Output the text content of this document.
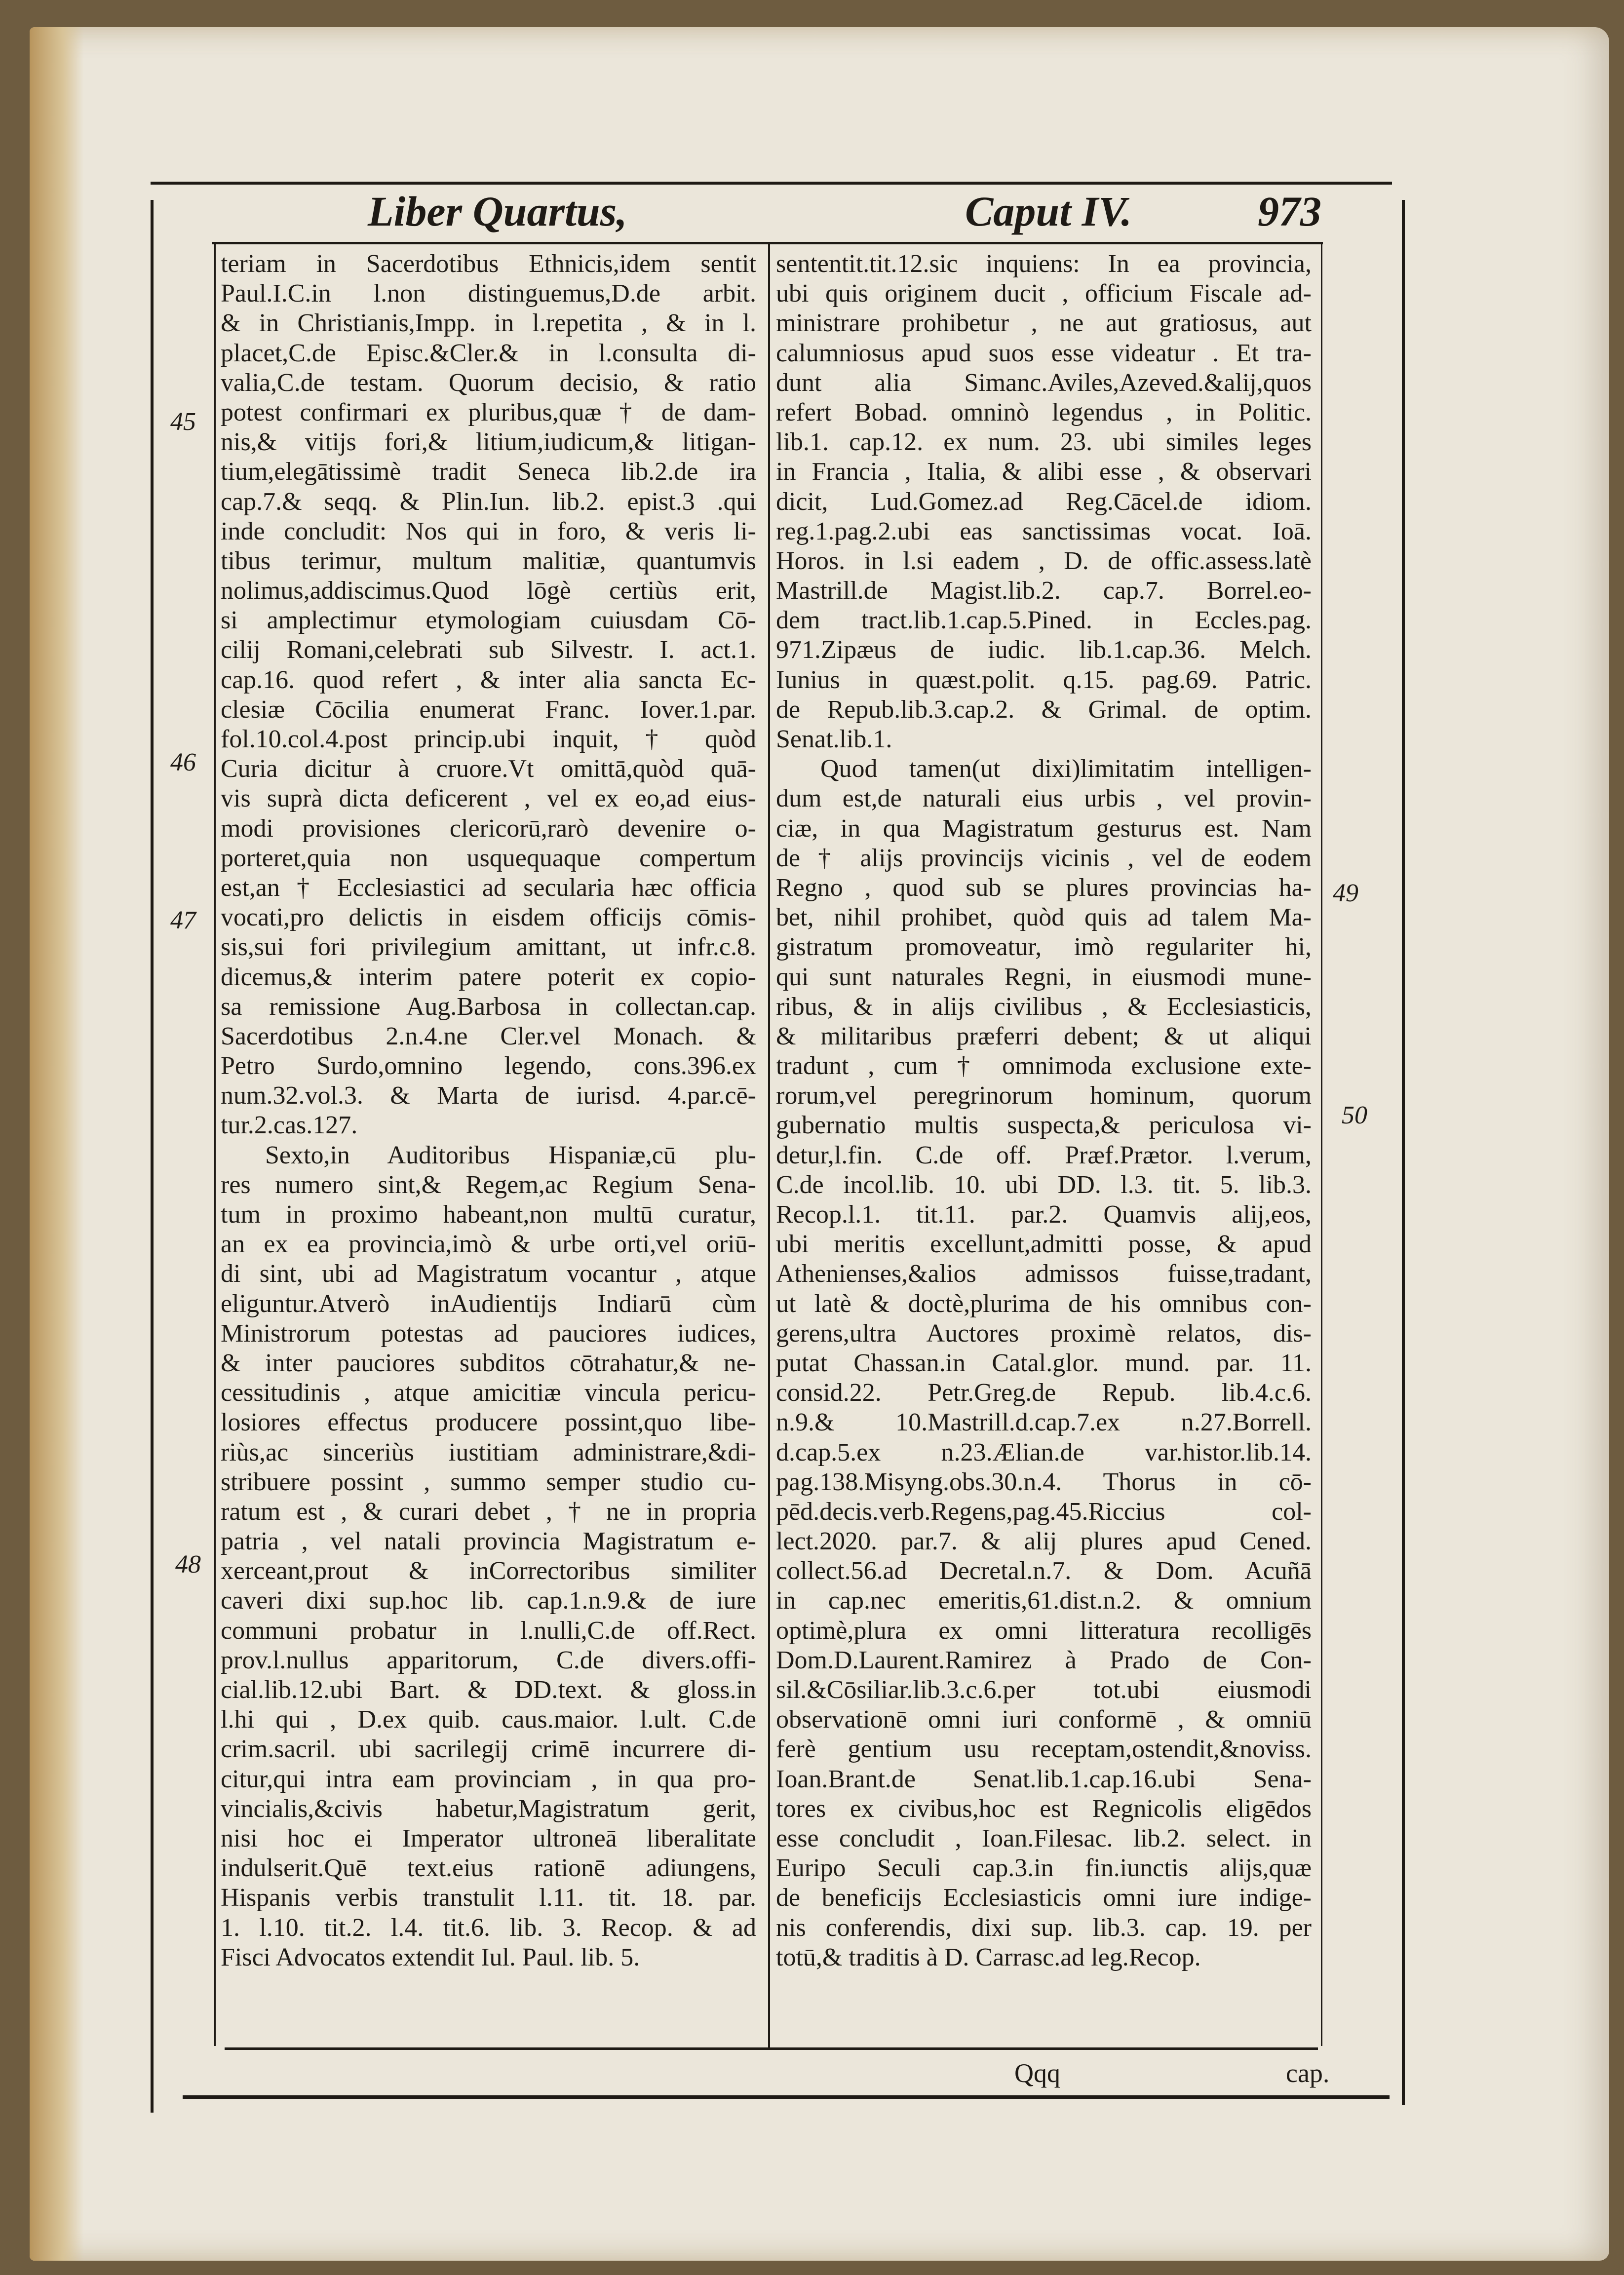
Liber Quartus,	Caput IV.	973
teriam in Sacerdotibus Ethnicis,idem sentit
Paul.I.C.in l.non distinguemus,D.de arbit.
& in Christianis,Impp. in l.repetita , & in l.
placet,C.de Episc.&Cler.& in l.consulta di-
valia,C.de testam. Quorum decisio, & ratio
potest confirmari ex pluribus,quæ † de dam-
nis,& vitijs fori,& litium,iudicum,& litigan-
tium,elegātissimè tradit Seneca lib.2.de ira
cap.7.& seqq. & Plin.Iun. lib.2. epist.3 .qui
inde concludit: Nos qui in foro, & veris li-
tibus terimur, multum malitiæ, quantumvis
nolimus,addiscimus.Quod lōgè certiùs erit,
si amplectimur etymologiam cuiusdam Cō-
cilij Romani,celebrati sub Silvestr. I. act.1.
cap.16. quod refert , & inter alia sancta Ec-
clesiæ Cōcilia enumerat Franc. Iover.1.par.
fol.10.col.4.post princip.ubi inquit, † quòd
Curia dicitur à cruore.Vt omittā,quòd quā-
vis suprà dicta deficerent , vel ex eo,ad eius-
modi provisiones clericorū,rarò devenire o-
porteret,quia non usquequaque compertum
est,an † Ecclesiastici ad secularia hæc officia
vocati,pro delictis in eisdem officijs cōmis-
sis,sui fori privilegium amittant, ut infr.c.8.
dicemus,& interim patere poterit ex copio-
sa remissione Aug.Barbosa in collectan.cap.
Sacerdotibus 2.n.4.ne Cler.vel Monach. &
Petro Surdo,omnino legendo, cons.396.ex
num.32.vol.3. & Marta de iurisd. 4.par.cē-
tur.2.cas.127.
Sexto,in Auditoribus Hispaniæ,cū plu-
res numero sint,& Regem,ac Regium Sena-
tum in proximo habeant,non multū curatur,
an ex ea provincia,imò & urbe orti,vel oriū-
di sint, ubi ad Magistratum vocantur , atque
eliguntur.Atverò inAudientijs Indiarū cùm
Ministrorum potestas ad pauciores iudices,
& inter pauciores subditos cōtrahatur,& ne-
cessitudinis , atque amicitiæ vincula pericu-
losiores effectus producere possint,quo libe-
riùs,ac sinceriùs iustitiam administrare,&di-
stribuere possint , summo semper studio cu-
ratum est , & curari debet , † ne in propria
patria , vel natali provincia Magistratum e-
xerceant,prout & inCorrectoribus similiter
caveri dixi sup.hoc lib. cap.1.n.9.& de iure
communi probatur in l.nulli,C.de off.Rect.
prov.l.nullus apparitorum, C.de divers.offi-
cial.lib.12.ubi Bart. & DD.text. & gloss.in
l.hi qui , D.ex quib. caus.maior. l.ult. C.de
crim.sacril. ubi sacrilegij crimē incurrere di-
citur,qui intra eam provinciam , in qua pro-
vincialis,&civis habetur,Magistratum gerit,
nisi hoc ei Imperator ultroneā liberalitate
indulserit.Quē text.eius rationē adiungens,
Hispanis verbis transtulit l.11. tit. 18. par.
1. l.10. tit.2. l.4. tit.6. lib. 3. Recop. & ad
Fisci Advocatos extendit Iul. Paul. lib. 5.
sententit.tit.12.sic inquiens: In ea provincia,
ubi quis originem ducit , officium Fiscale ad-
ministrare prohibetur , ne aut gratiosus, aut
calumniosus apud suos esse videatur . Et tra-
dunt alia Simanc.Aviles,Azeved.&alij,quos
refert Bobad. omninò legendus , in Politic.
lib.1. cap.12. ex num. 23. ubi similes leges
in Francia , Italia, & alibi esse , & observari
dicit, Lud.Gomez.ad Reg.Cācel.de idiom.
reg.1.pag.2.ubi eas sanctissimas vocat. Ioā.
Horos. in l.si eadem , D. de offic.assess.latè
Mastrill.de Magist.lib.2. cap.7. Borrel.eo-
dem tract.lib.1.cap.5.Pined. in Eccles.pag.
971.Zipæus de iudic. lib.1.cap.36. Melch.
Iunius in quæst.polit. q.15. pag.69. Patric.
de Repub.lib.3.cap.2. & Grimal. de optim.
Senat.lib.1.
Quod tamen(ut dixi)limitatim intelligen-
dum est,de naturali eius urbis , vel provin-
ciæ, in qua Magistratum gesturus est. Nam
de † alijs provincijs vicinis , vel de eodem
Regno , quod sub se plures provincias ha-
bet, nihil prohibet, quòd quis ad talem Ma-
gistratum promoveatur, imò regulariter hi,
qui sunt naturales Regni, in eiusmodi mune-
ribus, & in alijs civilibus , & Ecclesiasticis,
& militaribus præferri debent; & ut aliqui
tradunt , cum † omnimoda exclusione exte-
rorum,vel peregrinorum hominum, quorum
gubernatio multis suspecta,& periculosa vi-
detur,l.fin. C.de off. Præf.Prætor. l.verum,
C.de incol.lib. 10. ubi DD. l.3. tit. 5. lib.3.
Recop.l.1. tit.11. par.2. Quamvis alij,eos,
ubi meritis excellunt,admitti posse, & apud
Athenienses,&alios admissos fuisse,tradant,
ut latè & doctè,plurima de his omnibus con-
gerens,ultra Auctores proximè relatos, dis-
putat Chassan.in Catal.glor. mund. par. 11.
consid.22. Petr.Greg.de Repub. lib.4.c.6.
n.9.& 10.Mastrill.d.cap.7.ex n.27.Borrell.
d.cap.5.ex n.23.Ælian.de var.histor.lib.14.
pag.138.Misyng.obs.30.n.4. Thorus in cō-
pēd.decis.verb.Regens,pag.45.Riccius col-
lect.2020. par.7. & alij plures apud Cened.
collect.56.ad Decretal.n.7. & Dom. Acuñā
in cap.nec emeritis,61.dist.n.2. & omnium
optimè,plura ex omni litteratura recolligēs
Dom.D.Laurent.Ramirez à Prado de Con-
sil.&Cōsiliar.lib.3.c.6.per tot.ubi eiusmodi
observationē omni iuri conformē , & omniū
ferè gentium usu receptam,ostendit,&noviss.
Ioan.Brant.de Senat.lib.1.cap.16.ubi Sena-
tores ex civibus,hoc est Regnicolis eligēdos
esse concludit , Ioan.Filesac. lib.2. select. in
Euripo Seculi cap.3.in fin.iunctis alijs,quæ
de beneficijs Ecclesiasticis omni iure indige-
nis conferendis, dixi sup. lib.3. cap. 19. per
totū,& traditis à D. Carrasc.ad leg.Recop.
45
46
47
48
49
50
Qqq	cap.
